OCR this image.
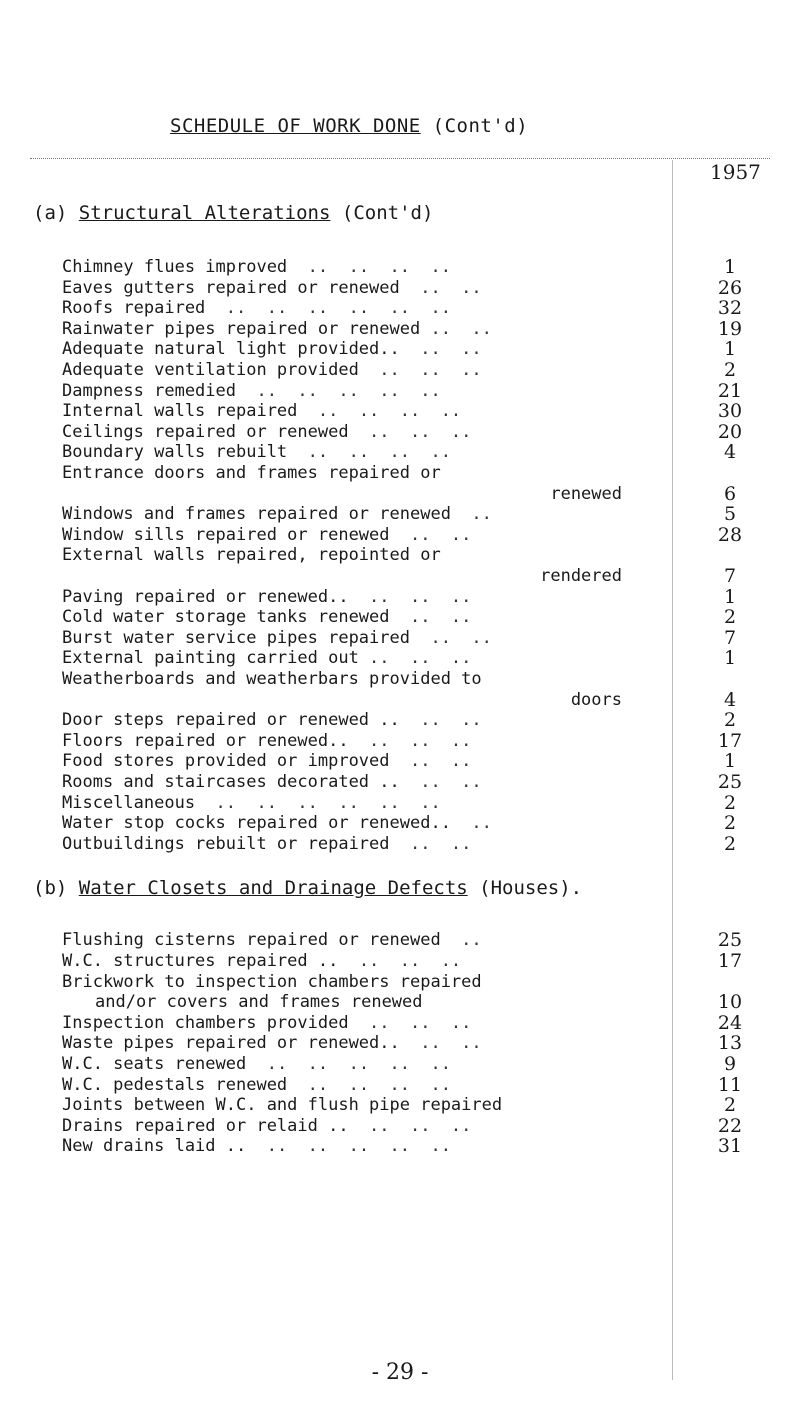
SCHEDULE OF WORK DONE (Cont'd)
1957
(a) Structural Alterations (Cont'd)
Chimney flues improved  ..  ..  ..  ..	1
Eaves gutters repaired or renewed  ..  ..	26
Roofs repaired  ..  ..  ..  ..  ..  ..	32
Rainwater pipes repaired or renewed ..  ..	19
Adequate natural light provided..  ..  ..	1
Adequate ventilation provided  ..  ..  ..	2
Dampness remedied  ..  ..  ..  ..  ..	21
Internal walls repaired  ..  ..  ..  ..	30
Ceilings repaired or renewed  ..  ..  ..	20
Boundary walls rebuilt  ..  ..  ..  ..	4
Entrance doors and frames repaired or
renewed	6
Windows and frames repaired or renewed  ..	5
Window sills repaired or renewed  ..  ..	28
External walls repaired, repointed or
rendered	7
Paving repaired or renewed..  ..  ..  ..	1
Cold water storage tanks renewed  ..  ..	2
Burst water service pipes repaired  ..  ..	7
External painting carried out ..  ..  ..	1
Weatherboards and weatherbars provided to
doors	4
Door steps repaired or renewed ..  ..  ..	2
Floors repaired or renewed..  ..  ..  ..	17
Food stores provided or improved  ..  ..	1
Rooms and staircases decorated ..  ..  ..	25
Miscellaneous  ..  ..  ..  ..  ..  ..	2
Water stop cocks repaired or renewed..  ..	2
Outbuildings rebuilt or repaired  ..  ..	2
(b) Water Closets and Drainage Defects (Houses).
Flushing cisterns repaired or renewed  ..	25
W.C. structures repaired ..  ..  ..  ..	17
Brickwork to inspection chambers repaired
and/or covers and frames renewed	10
Inspection chambers provided  ..  ..  ..	24
Waste pipes repaired or renewed..  ..  ..	13
W.C. seats renewed  ..  ..  ..  ..  ..	9
W.C. pedestals renewed  ..  ..  ..  ..	11
Joints between W.C. and flush pipe repaired	2
Drains repaired or relaid ..  ..  ..  ..	22
New drains laid ..  ..  ..  ..  ..  ..	31
- 29 -
